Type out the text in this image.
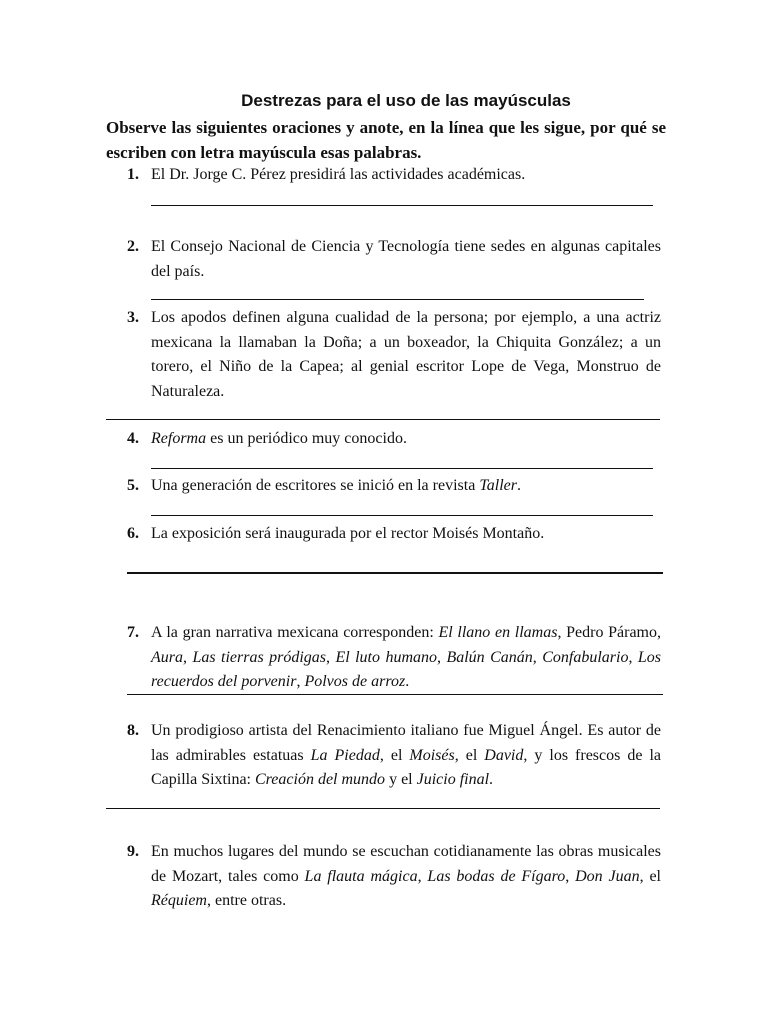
Destrezas para el uso de las mayúsculas
Observe las siguientes oraciones y anote, en la línea que les sigue, por qué se escriben con letra mayúscula esas palabras.
1. El Dr. Jorge C. Pérez presidirá las actividades académicas.
2. El Consejo Nacional de Ciencia y Tecnología tiene sedes en algunas capitales del país.
3. Los apodos definen alguna cualidad de la persona; por ejemplo, a una actriz mexicana la llamaban la Doña; a un boxeador, la Chiquita González; a un torero, el Niño de la Capea; al genial escritor Lope de Vega, Monstruo de Naturaleza.
4. Reforma es un periódico muy conocido.
5. Una generación de escritores se inició en la revista Taller.
6. La exposición será inaugurada por el rector Moisés Montaño.
7. A la gran narrativa mexicana corresponden: El llano en llamas, Pedro Páramo, Aura, Las tierras pródigas, El luto humano, Balún Canán, Confabulario, Los recuerdos del porvenir, Polvos de arroz.
8. Un prodigioso artista del Renacimiento italiano fue Miguel Ángel. Es autor de las admirables estatuas La Piedad, el Moisés, el David, y los frescos de la Capilla Sixtina: Creación del mundo y el Juicio final.
9. En muchos lugares del mundo se escuchan cotidianamente las obras musicales de Mozart, tales como La flauta mágica, Las bodas de Fígaro, Don Juan, el Réquiem, entre otras.
